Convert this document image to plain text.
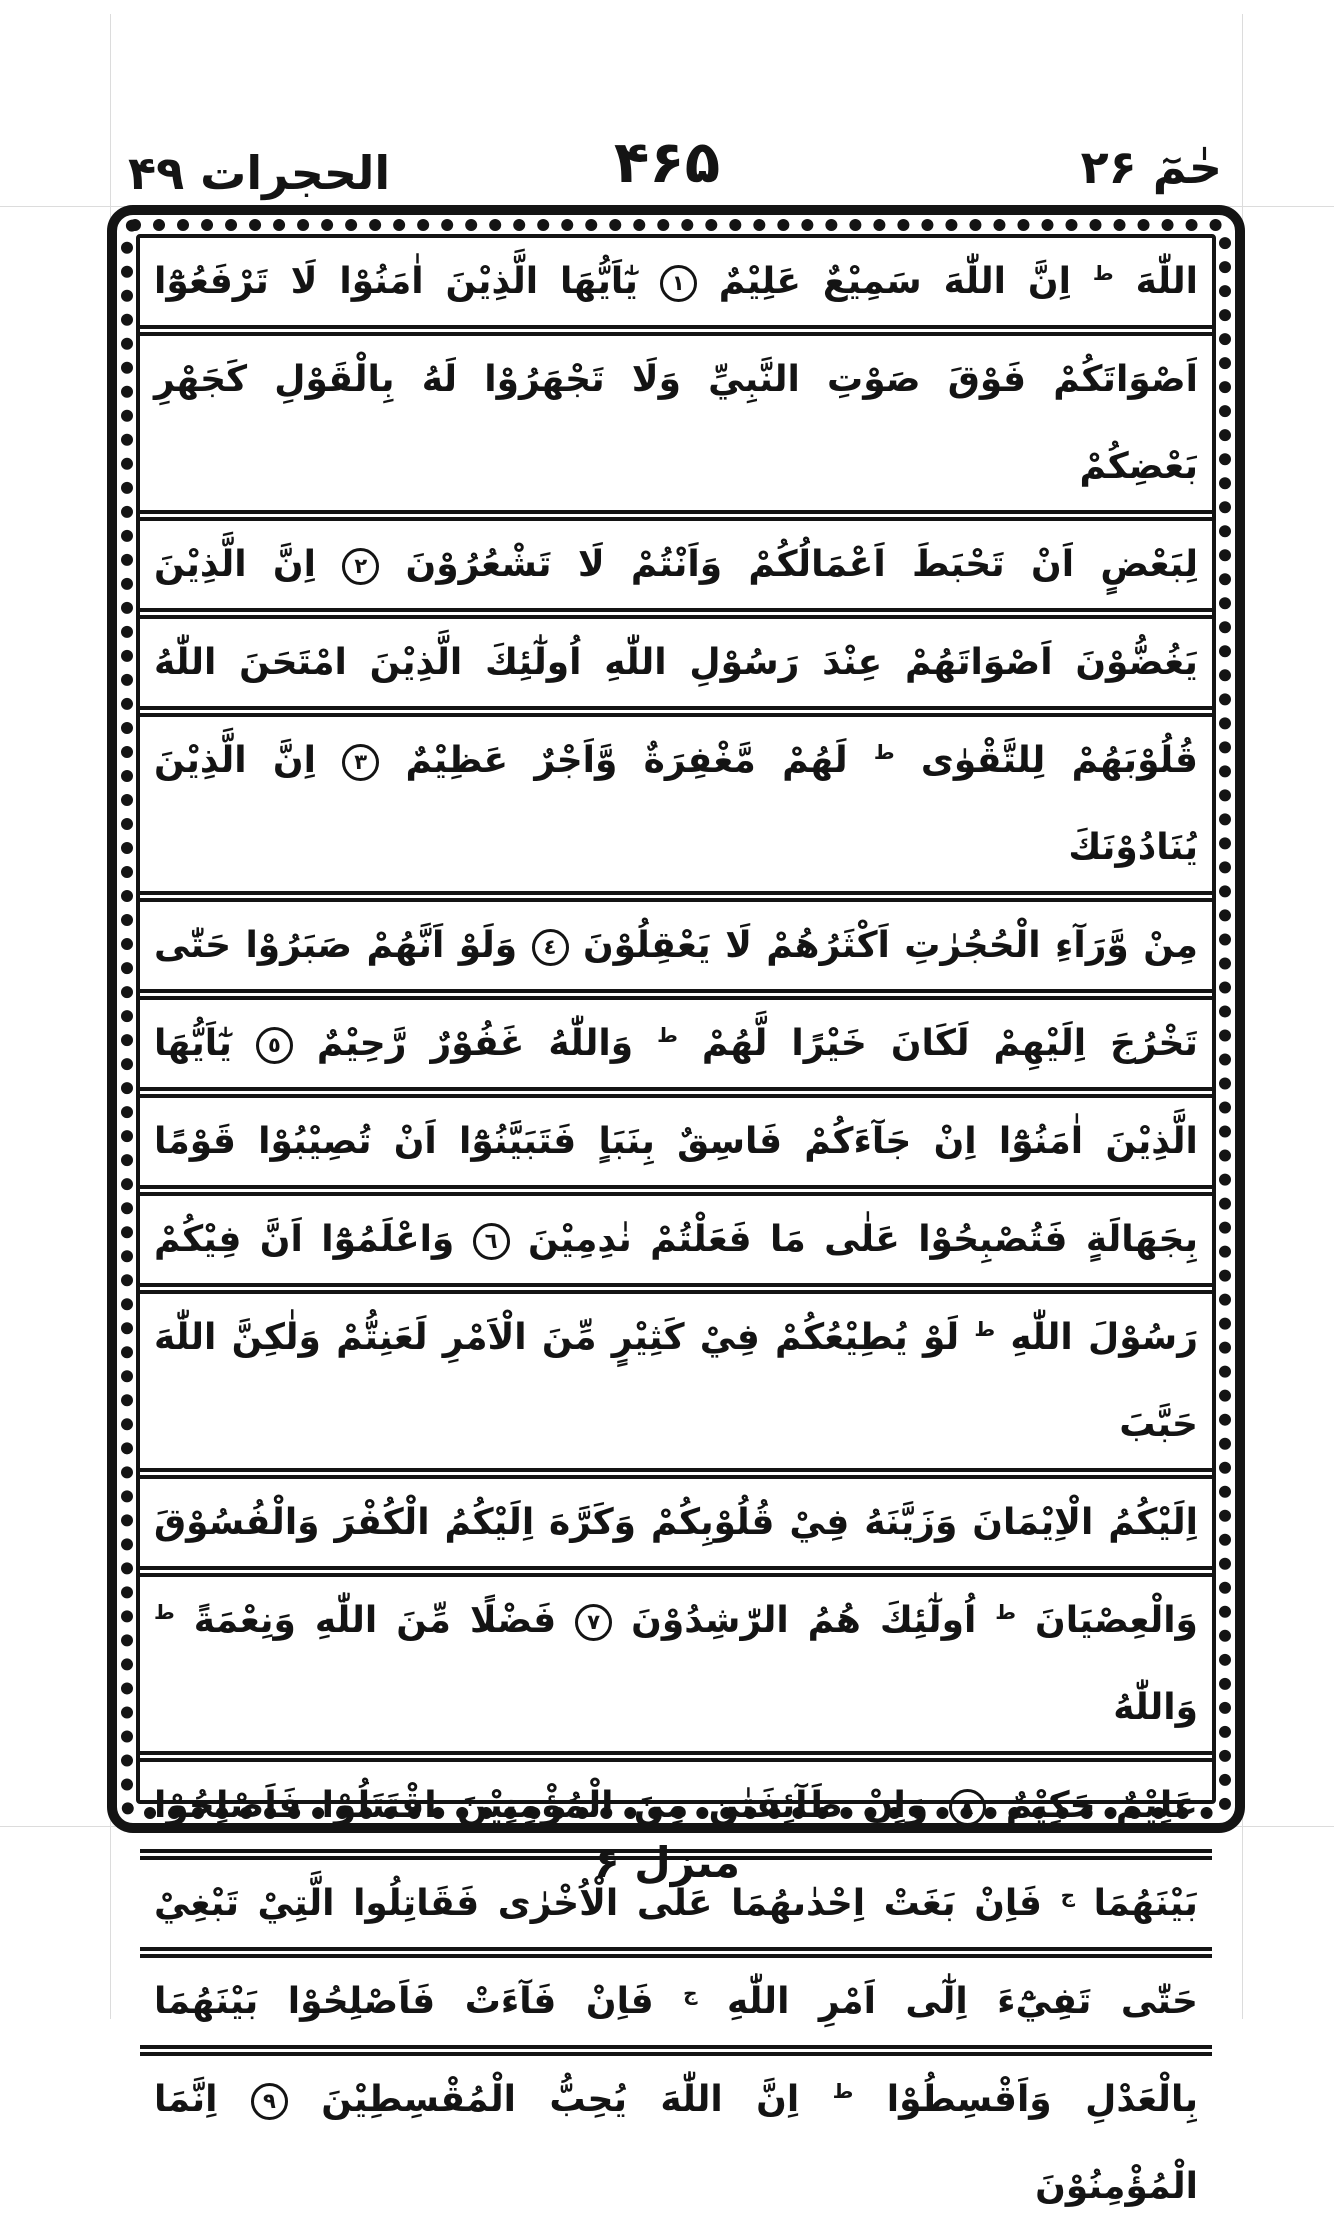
الحجرات ۴۹	۴۶۵	حٰمٓ ۲۶
اللّٰهَ $^ط$ اِنَّ اللّٰهَ سَمِيْعٌ عَلِيْمٌ ١ يٰٓاَيُّهَا الَّذِيْنَ اٰمَنُوْا لَا تَرْفَعُوْٓا
اَصْوَاتَكُمْ فَوْقَ صَوْتِ النَّبِيِّ وَلَا تَجْهَرُوْا لَهُ بِالْقَوْلِ كَجَهْرِ بَعْضِكُمْ
لِبَعْضٍ اَنْ تَحْبَطَ اَعْمَالُكُمْ وَاَنْتُمْ لَا تَشْعُرُوْنَ ٢ اِنَّ الَّذِيْنَ
يَغُضُّوْنَ اَصْوَاتَهُمْ عِنْدَ رَسُوْلِ اللّٰهِ اُولٰٓئِكَ الَّذِيْنَ امْتَحَنَ اللّٰهُ
قُلُوْبَهُمْ لِلتَّقْوٰى $^ط$ لَهُمْ مَّغْفِرَةٌ وَّاَجْرٌ عَظِيْمٌ ٣ اِنَّ الَّذِيْنَ يُنَادُوْنَكَ
مِنْ وَّرَآءِ الْحُجُرٰتِ اَكْثَرُهُمْ لَا يَعْقِلُوْنَ ٤ وَلَوْ اَنَّهُمْ صَبَرُوْا حَتّٰى
تَخْرُجَ اِلَيْهِمْ لَكَانَ خَيْرًا لَّهُمْ $^ط$ وَاللّٰهُ غَفُوْرٌ رَّحِيْمٌ ٥ يٰٓاَيُّهَا
الَّذِيْنَ اٰمَنُوْٓا اِنْ جَآءَكُمْ فَاسِقٌ بِنَبَاٍ فَتَبَيَّنُوْٓا اَنْ تُصِيْبُوْا قَوْمًا
بِجَهَالَةٍ فَتُصْبِحُوْا عَلٰى مَا فَعَلْتُمْ نٰدِمِيْنَ ٦ وَاعْلَمُوْٓا اَنَّ فِيْكُمْ
رَسُوْلَ اللّٰهِ $^ط$ لَوْ يُطِيْعُكُمْ فِيْ كَثِيْرٍ مِّنَ الْاَمْرِ لَعَنِتُّمْ وَلٰكِنَّ اللّٰهَ حَبَّبَ
اِلَيْكُمُ الْاِيْمَانَ وَزَيَّنَهُ فِيْ قُلُوْبِكُمْ وَكَرَّهَ اِلَيْكُمُ الْكُفْرَ وَالْفُسُوْقَ
وَالْعِصْيَانَ $^ط$ اُولٰٓئِكَ هُمُ الرّٰشِدُوْنَ ٧ فَضْلًا مِّنَ اللّٰهِ وَنِعْمَةً $^ط$ وَاللّٰهُ
عَلِيْمٌ حَكِيْمٌ ٨ وَاِنْ طَآئِفَتٰنِ مِنَ الْمُؤْمِنِيْنَ اقْتَتَلُوْا فَاَصْلِحُوْا
بَيْنَهُمَا $^ج$ فَاِنْ بَغَتْ اِحْدٰىهُمَا عَلَى الْاُخْرٰى فَقَاتِلُوا الَّتِيْ تَبْغِيْ
حَتّٰى تَفِيْٓءَ اِلٰٓى اَمْرِ اللّٰهِ $^ج$ فَاِنْ فَآءَتْ فَاَصْلِحُوْا بَيْنَهُمَا
بِالْعَدْلِ وَاَقْسِطُوْا $^ط$ اِنَّ اللّٰهَ يُحِبُّ الْمُقْسِطِيْنَ ٩ اِنَّمَا الْمُؤْمِنُوْنَ
منزل ۶
